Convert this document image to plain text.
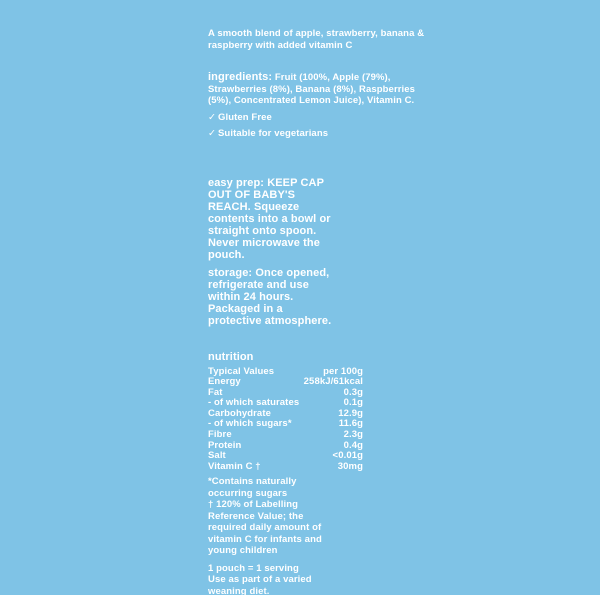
A smooth blend of apple, strawberry, banana & raspberry with added vitamin C
ingredients: Fruit (100%, Apple (79%), Strawberries (8%), Banana (8%), Raspberries (5%), Concentrated Lemon Juice), Vitamin C.
✓ Gluten Free
✓ Suitable for vegetarians
easy prep: KEEP CAP OUT OF BABY'S REACH. Squeeze contents into a bowl or straight onto spoon. Never microwave the pouch.
storage: Once opened, refrigerate and use within 24 hours. Packaged in a protective atmosphere.
nutrition
Typical Values	per 100g
Energy	258kJ/61kcal
Fat	0.3g
- of which saturates	0.1g
Carbohydrate	12.9g
- of which sugars*	11.6g
Fibre	2.3g
Protein	0.4g
Salt	<0.01g
Vitamin C †	30mg
*Contains naturally occurring sugars
† 120% of Labelling Reference Value; the required daily amount of vitamin C for infants and young children
1 pouch = 1 serving
Use as part of a varied weaning diet.
